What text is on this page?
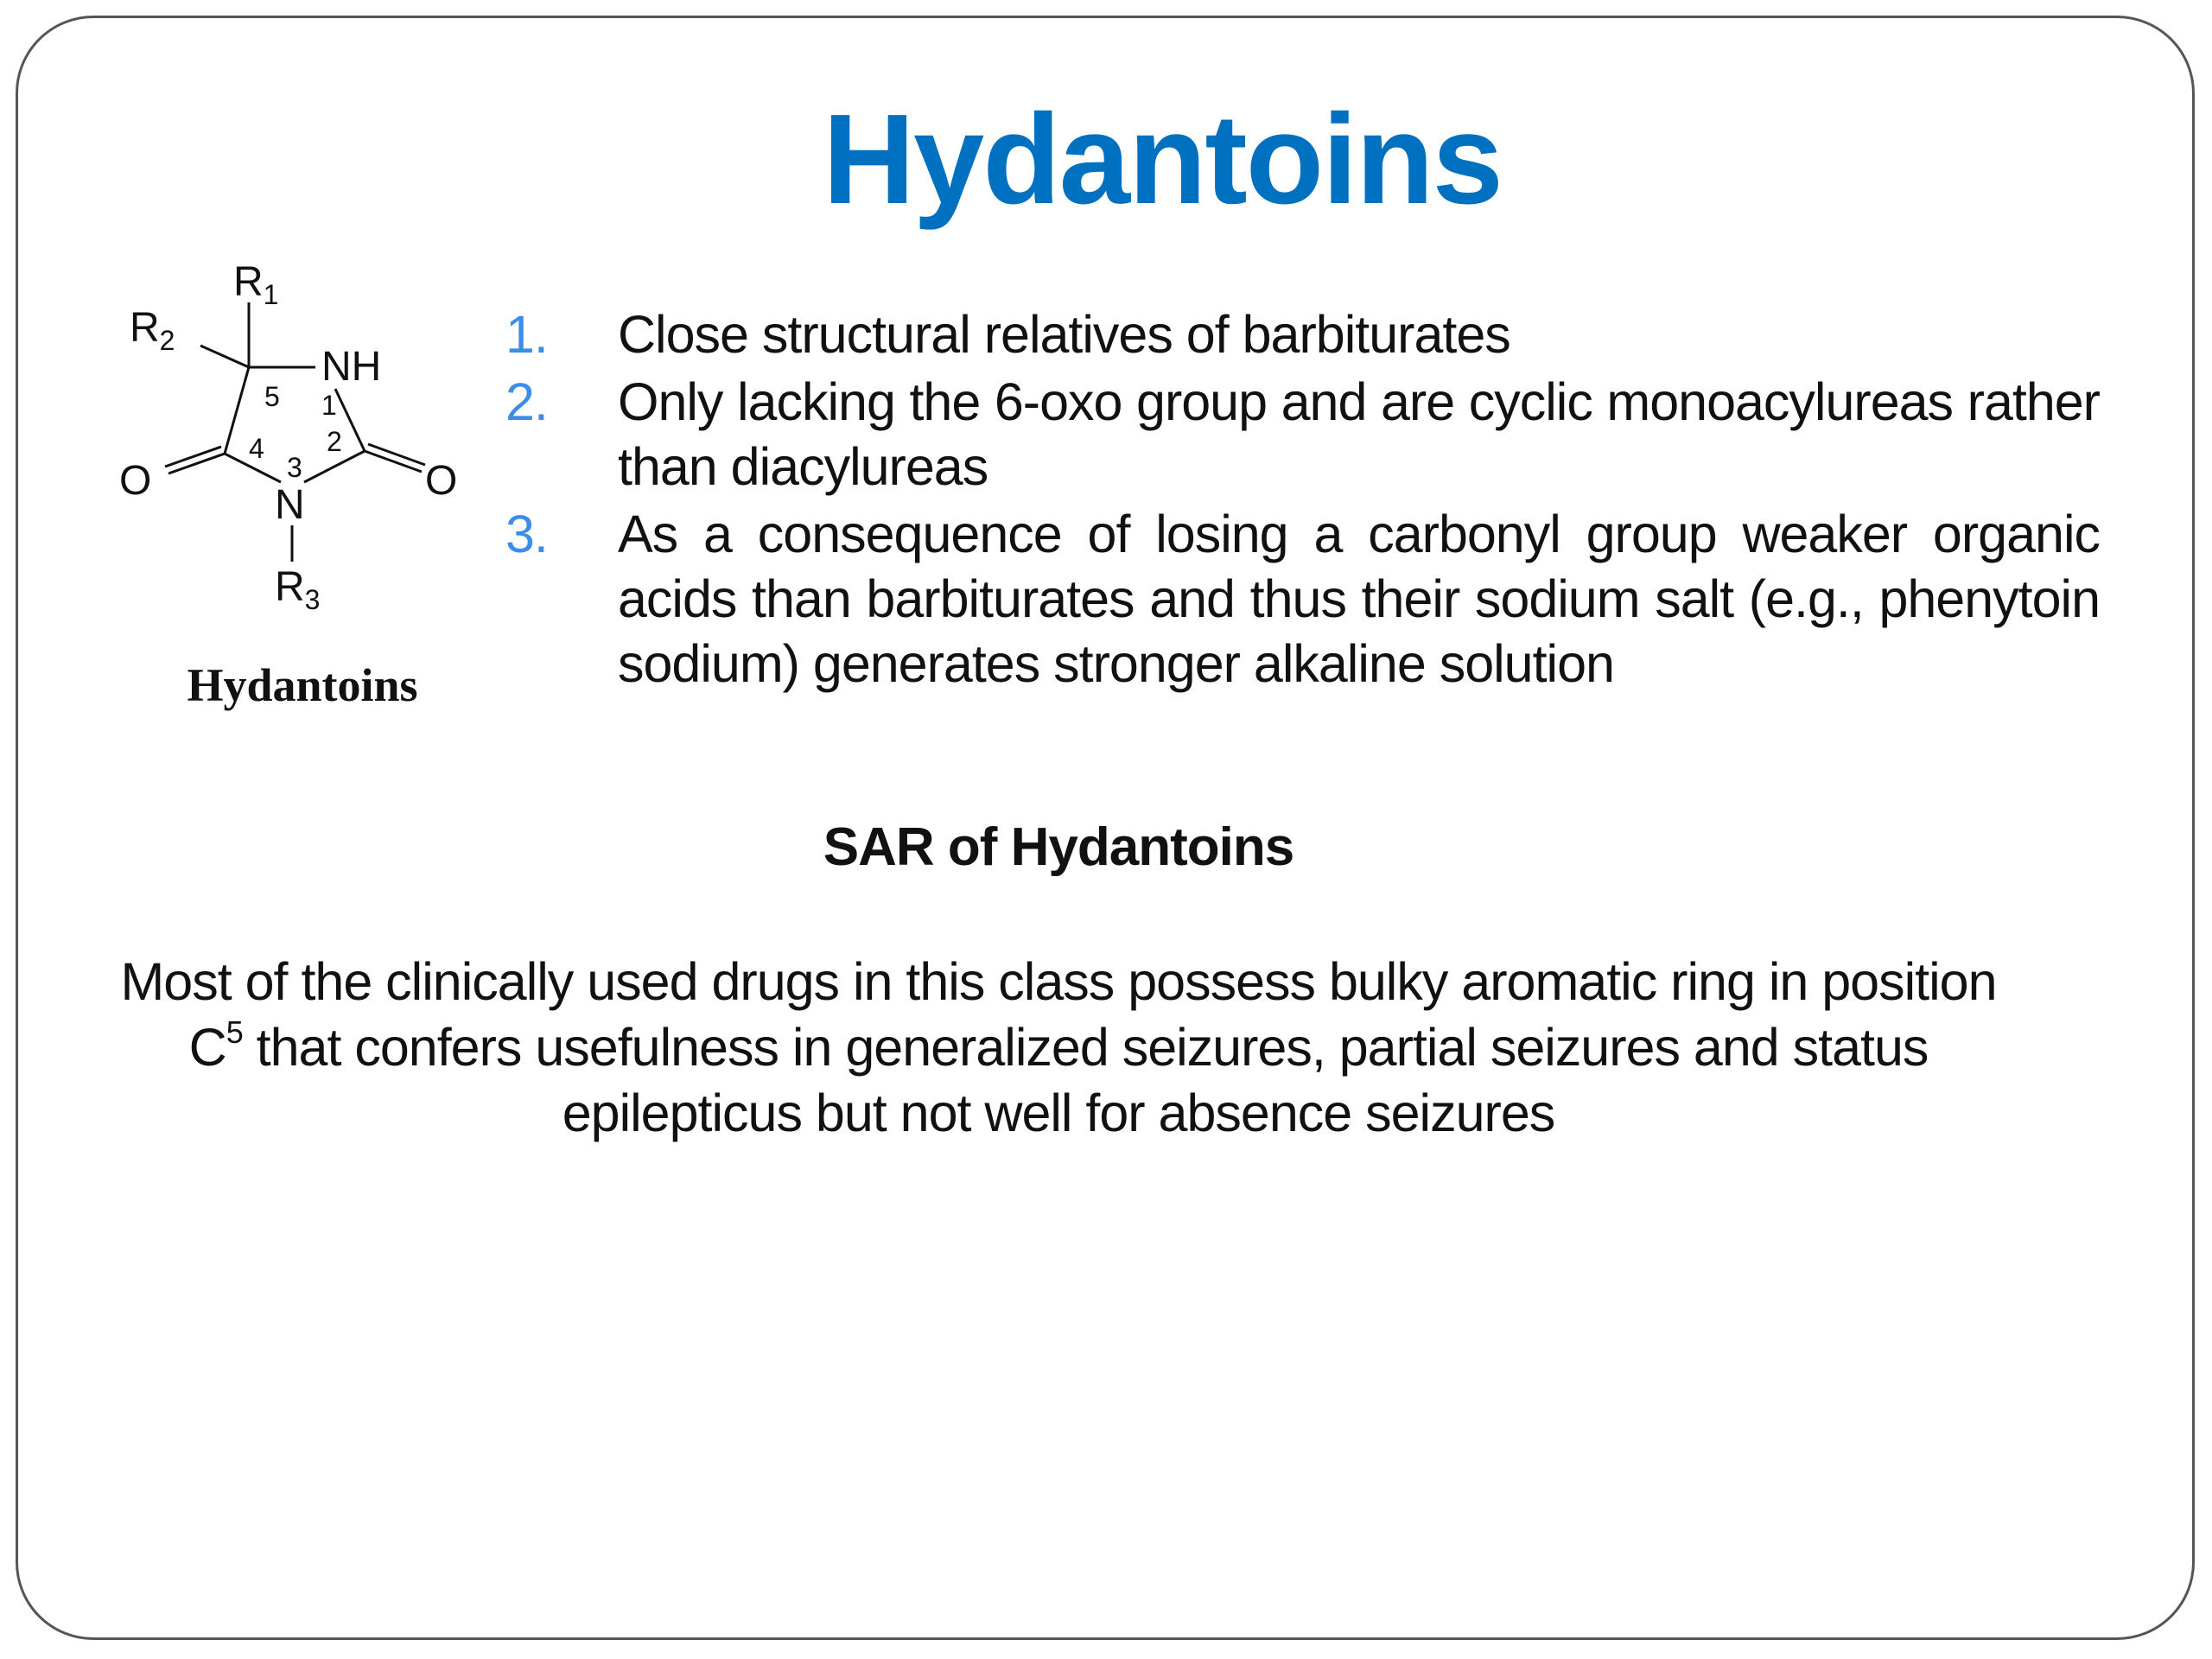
Hydantoins
$R_1$
$R_2$
NH
N
O	O
$R_3$
1
2
3
4
5
Hydantoins
1. Close structural relatives of barbiturates
2. Only lacking the 6-oxo group and are cyclic monoacylureas rather than diacylureas
3. As a consequence of losing a carbonyl group weaker organic acids than barbiturates and thus their sodium salt (e.g., phenytoin sodium) generates stronger alkaline solution
SAR of Hydantoins
Most of the clinically used drugs in this class possess bulky aromatic ring in position $C^5$ that confers usefulness in generalized seizures, partial seizures and status epilepticus but not well for absence seizures
